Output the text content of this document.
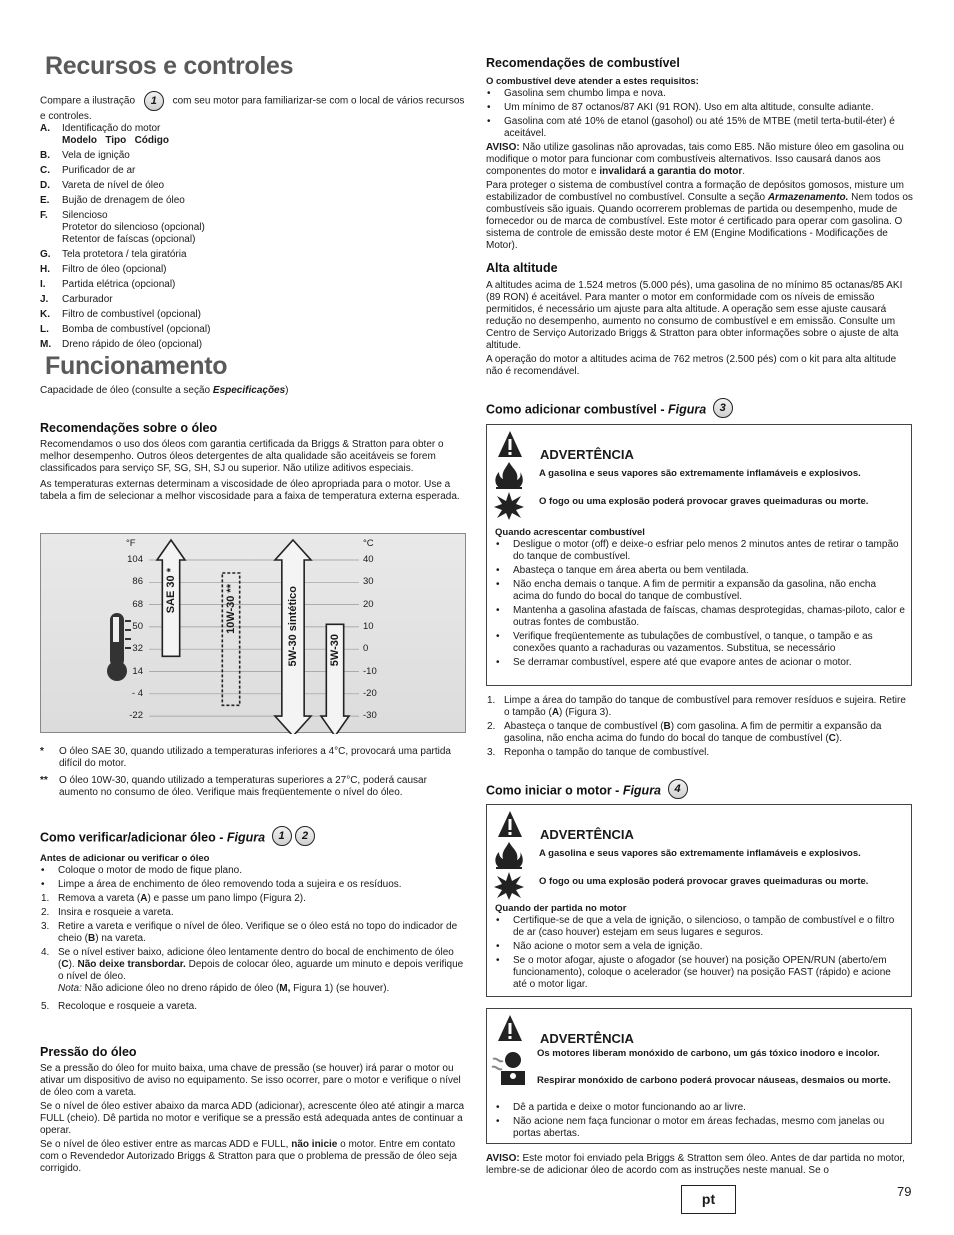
Recursos e controles
Compare a ilustração 1 com seu motor para familiarizar-se com o local de vários recursos e controles.
A. Identificação do motor
Modelo   Tipo   Código
B. Vela de ignição
C. Purificador de ar
D. Vareta de nível de óleo
E. Bujão de drenagem de óleo
F. Silencioso
Protetor do silencioso (opcional)
Retentor de faíscas (opcional)
G. Tela protetora / tela giratória
H. Filtro de óleo (opcional)
I. Partida elétrica (opcional)
J. Carburador
K. Filtro de combustível (opcional)
L. Bomba de combustível (opcional)
M. Dreno rápido de óleo (opcional)
Funcionamento
Capacidade de óleo (consulte a seção Especificações)
Recomendações sobre o óleo

Recomendamos o uso dos óleos com garantia certificada da Briggs & Stratton para obter o melhor desempenho. Outros óleos detergentes de alta qualidade são aceitáveis se forem classificados para serviço SF, SG, SH, SJ ou superior. Não utilize aditivos especiais.

As temperaturas externas determinam a viscosidade de óleo apropriada para o motor. Use a tabela a fim de selecionar a melhor viscosidade para a faixa de temperatura externa esperada.

°F	°C
104
86
68
50
32
14
- 4
-22
40
30
20
10
0
-10
-20
-30
SAE 30 *	10W-30 **	5W-30 sintético	5W-30
* O óleo SAE 30, quando utilizado a temperaturas inferiores a 4°C, provocará uma partida difícil do motor.
** O óleo 10W-30, quando utilizado a temperaturas superiores a 27°C, poderá causar aumento no consumo de óleo. Verifique mais freqüentemente o nível do óleo.
Como verificar/adicionar óleo - Figura 1 2
Antes de adicionar ou verificar o óleo
• Coloque o motor de modo de fique plano.
• Limpe a área de enchimento de óleo removendo toda a sujeira e os resíduos.
1. Remova a vareta (A) e passe um pano limpo (Figura 2).
2. Insira e rosqueie a vareta.
3. Retire a vareta e verifique o nível de óleo. Verifique se o óleo está no topo do indicador de cheio (B) na vareta.
4. Se o nível estiver baixo, adicione óleo lentamente dentro do bocal de enchimento de óleo (C). Não deixe transbordar. Depois de colocar óleo, aguarde um minuto e depois verifique o nível de óleo.
Nota: Não adicione óleo no dreno rápido de óleo (M, Figura 1) (se houver).
5. Recoloque e rosqueie a vareta.
Pressão do óleo

Se a pressão do óleo for muito baixa, uma chave de pressão (se houver) irá parar o motor ou ativar um dispositivo de aviso no equipamento. Se isso ocorrer, pare o motor e verifique o nível de óleo com a vareta.

Se o nível de óleo estiver abaixo da marca ADD (adicionar), acrescente óleo até atingir a marca FULL (cheio). Dê partida no motor e verifique se a pressão está adequada antes de continuar a operar.

Se o nível de óleo estiver entre as marcas ADD e FULL, não inicie o motor. Entre em contato com o Revendedor Autorizado Briggs & Stratton para que o problema de pressão de óleo seja corrigido.

Recomendações de combustível
O combustível deve atender a estes requisitos:
• Gasolina sem chumbo limpa e nova.
• Um mínimo de 87 octanos/87 AKI (91 RON). Uso em alta altitude, consulte adiante.
• Gasolina com até 10% de etanol (gasohol) ou até 15% de MTBE (metil terta-butil-éter) é aceitável.

AVISO: Não utilize gasolinas não aprovadas, tais como E85. Não misture óleo em gasolina ou modifique o motor para funcionar com combustíveis alternativos. Isso causará danos aos componentes do motor e invalidará a garantia do motor.

Para proteger o sistema de combustível contra a formação de depósitos gomosos, misture um estabilizador de combustível no combustível. Consulte a seção Armazenamento. Nem todos os combustíveis são iguais. Quando ocorrerem problemas de partida ou desempenho, mude de fornecedor ou de marca de combustível. Este motor é certificado para operar com gasolina. O sistema de controle de emissão deste motor é EM (Engine Modifications - Modificações de Motor).

Alta altitude

A altitudes acima de 1.524 metros (5.000 pés), uma gasolina de no mínimo 85 octanas/85 AKI (89 RON) é aceitável. Para manter o motor em conformidade com os níveis de emissão permitidos, é necessário um ajuste para alta altitude. A operação sem esse ajuste causará redução no desempenho, aumento no consumo de combustível e em emissão. Consulte um Centro de Serviço Autorizado Briggs & Stratton para obter informações sobre o ajuste de alta altitude.

A operação do motor a altitudes acima de 762 metros (2.500 pés) com o kit para alta altitude não é recomendável.

Como adicionar combustível - Figura 3
ADVERTÊNCIA
A gasolina e seus vapores são extremamente inflamáveis e explosivos.
O fogo ou uma explosão poderá provocar graves queimaduras ou morte.
Quando acrescentar combustível
• Desligue o motor (off) e deixe-o esfriar pelo menos 2 minutos antes de retirar o tampão do tanque de combustível.
• Abasteça o tanque em área aberta ou bem ventilada.
• Não encha demais o tanque. A fim de permitir a expansão da gasolina, não encha acima do fundo do bocal do tanque de combustível.
• Mantenha a gasolina afastada de faíscas, chamas desprotegidas, chamas-piloto, calor e outras fontes de combustão.
• Verifique freqüentemente as tubulações de combustível, o tanque, o tampão e as conexões quanto a rachaduras ou vazamentos. Substitua, se necessário
• Se derramar combustível, espere até que evapore antes de acionar o motor.
1. Limpe a área do tampão do tanque de combustível para remover resíduos e sujeira. Retire o tampão (A) (Figura 3).
2. Abasteça o tanque de combustível (B) com gasolina. A fim de permitir a expansão da gasolina, não encha acima do fundo do bocal do tanque de combustível (C).
3. Reponha o tampão do tanque de combustível.
Como iniciar o motor - Figura 4
ADVERTÊNCIA
A gasolina e seus vapores são extremamente inflamáveis e explosivos.
O fogo ou uma explosão poderá provocar graves queimaduras ou morte.
Quando der partida no motor
• Certifique-se de que a vela de ignição, o silencioso, o tampão de combustível e o filtro de ar (caso houver) estejam em seus lugares e seguros.
• Não acione o motor sem a vela de ignição.
• Se o motor afogar, ajuste o afogador (se houver) na posição OPEN/RUN (aberto/em funcionamento), coloque o acelerador (se houver) na posição FAST (rápido) e acione até o motor ligar.
ADVERTÊNCIA
Os motores liberam monóxido de carbono, um gás tóxico inodoro e incolor.
Respirar monóxido de carbono poderá provocar náuseas, desmaios ou morte.
• Dê a partida e deixe o motor funcionando ao ar livre.
• Não acione nem faça funcionar o motor em áreas fechadas, mesmo com janelas ou portas abertas.
AVISO: Este motor foi enviado pela Briggs & Stratton sem óleo. Antes de dar partida no motor, lembre-se de adicionar óleo de acordo com as instruções neste manual. Se o
pt	79
